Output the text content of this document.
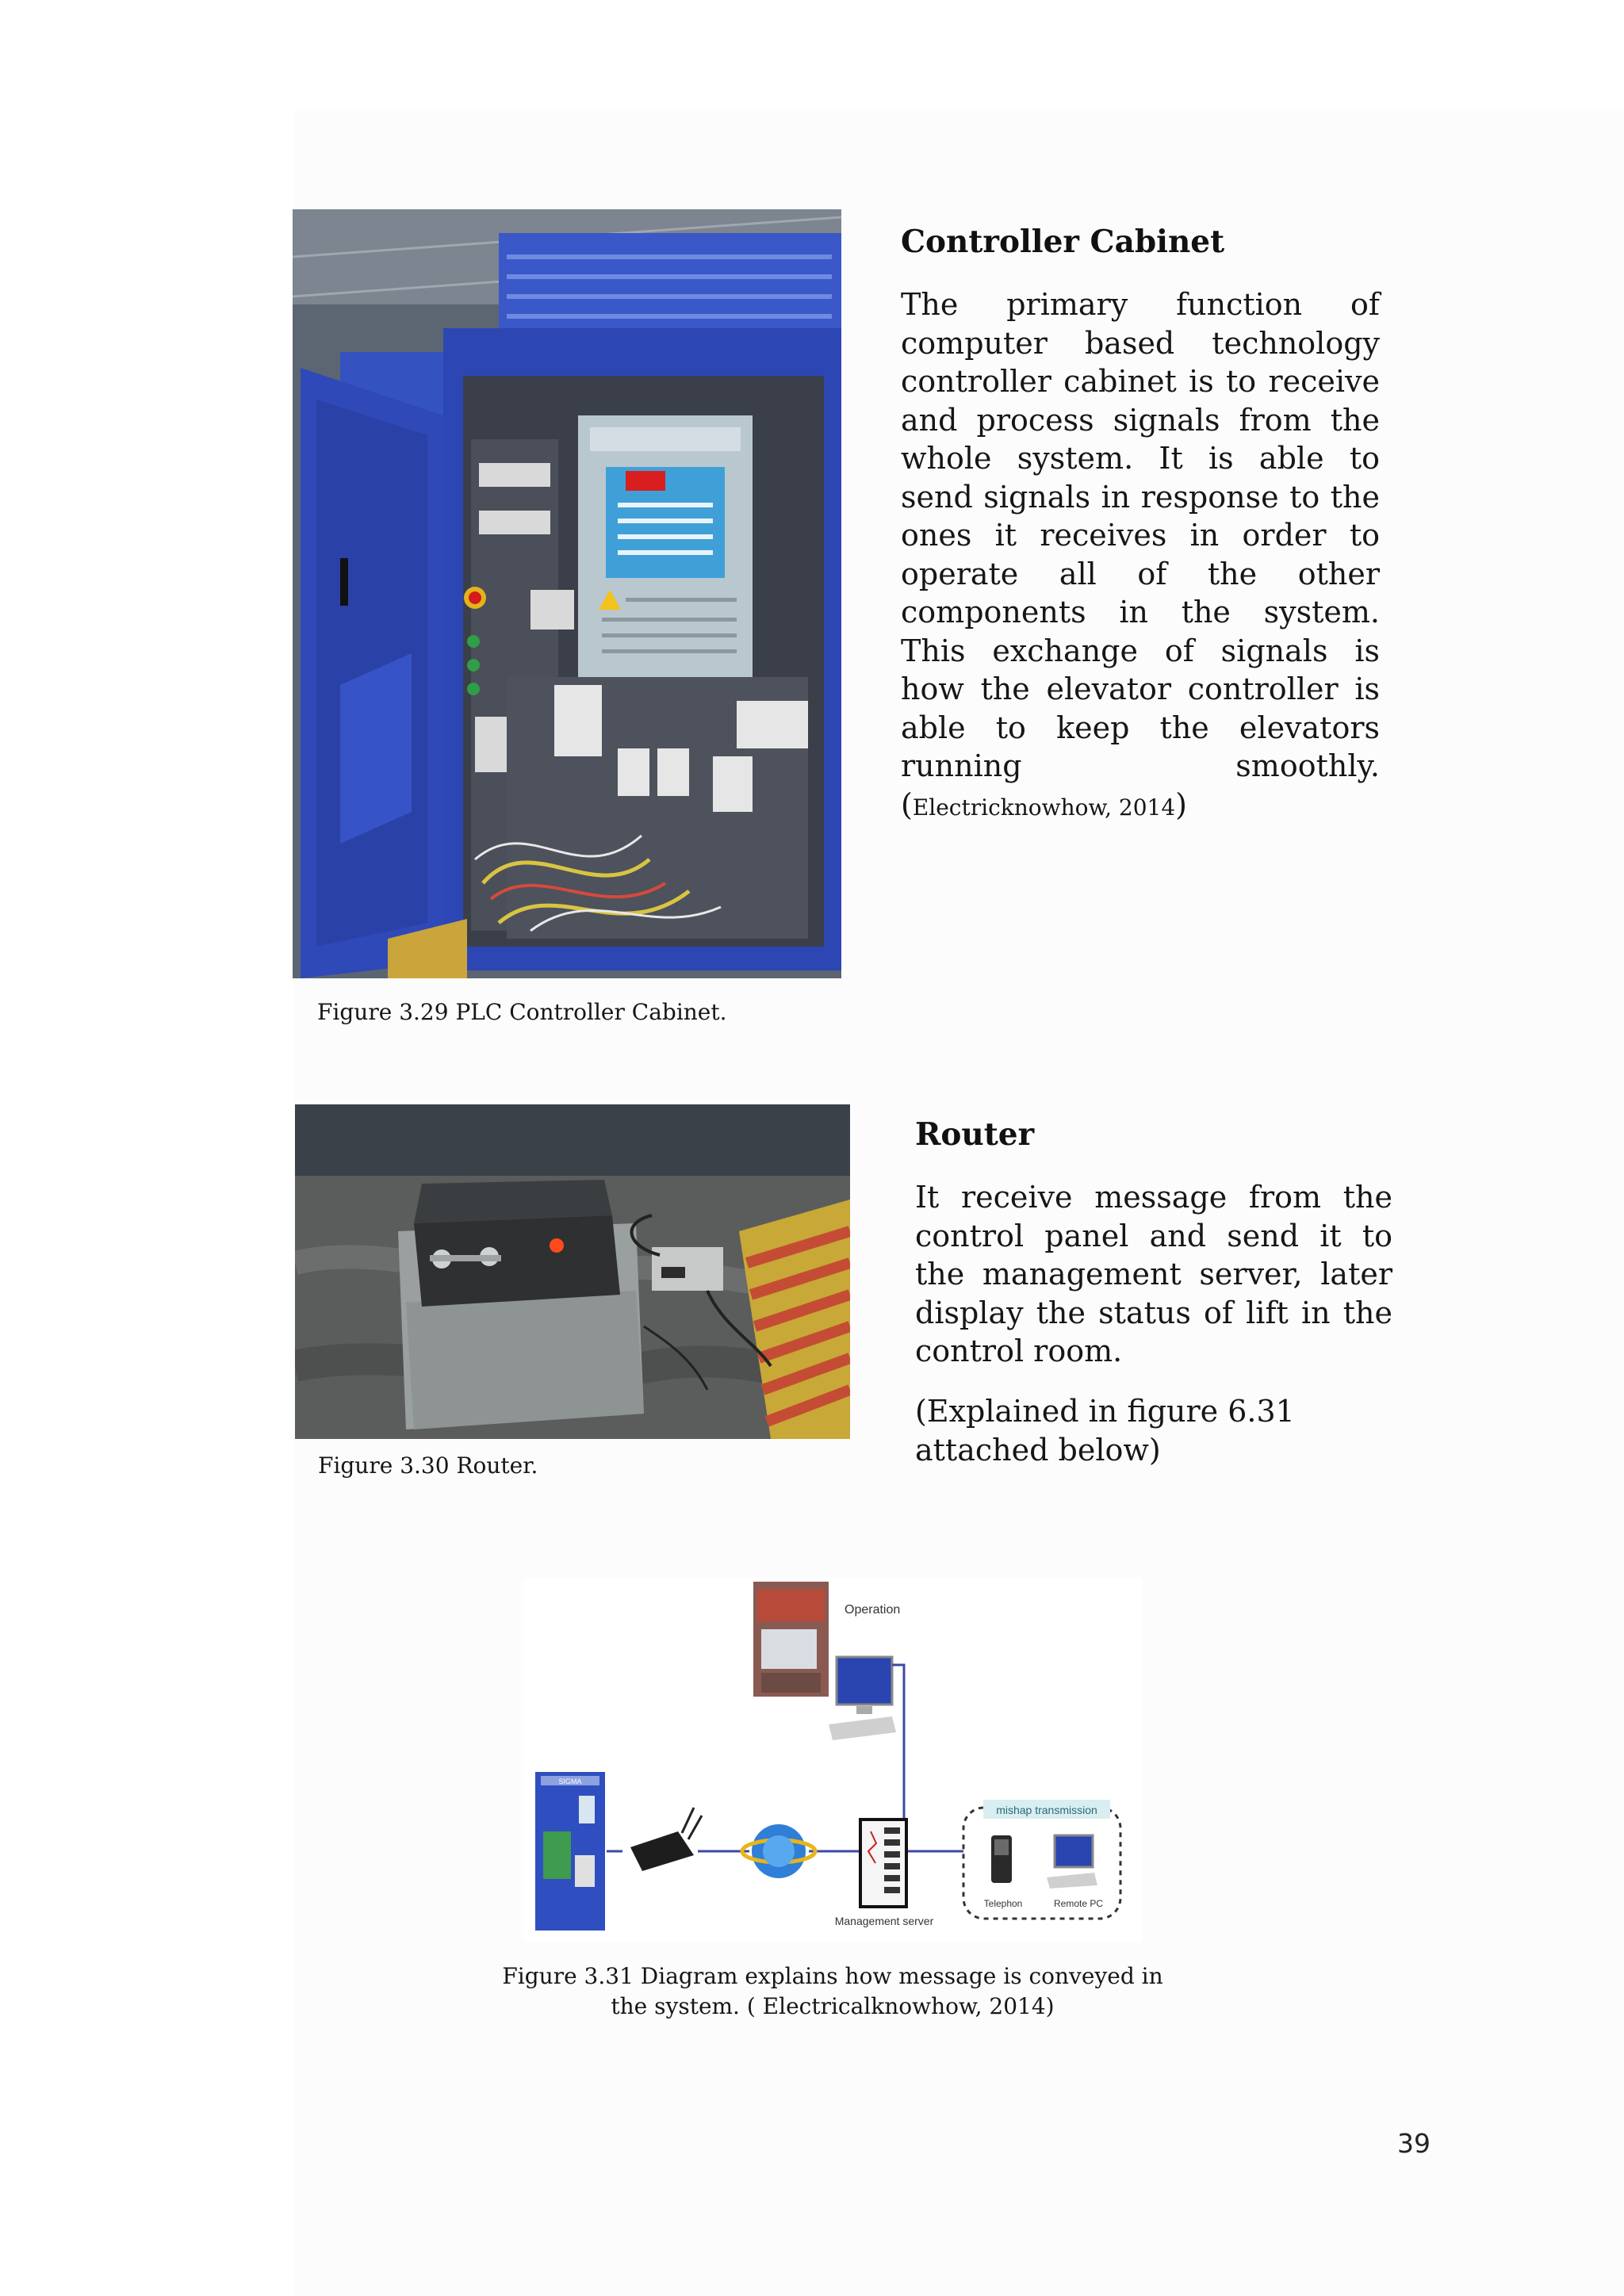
Controller Cabinet

The primary function of computer based technology controller cabinet is to receive and process signals from the whole system. It is able to send signals in response to the ones it receives in order to operate all of the other components in the system. This exchange of signals is how the elevator controller is able to keep the elevators running smoothly. (Electricknowhow, 2014)

Figure 3.29 PLC Controller Cabinet.

Router

It receive message from the control panel and send it to the management server, later display the status of lift in the control room.

(Explained in figure 6.31 attached below)

Figure 3.30 Router.

Operation
SIGMA
Management server
mishap transmission
Telephon	Remote PC

Figure 3.31 Diagram explains how message is conveyed in
the system. ( Electricalknowhow, 2014)

39
